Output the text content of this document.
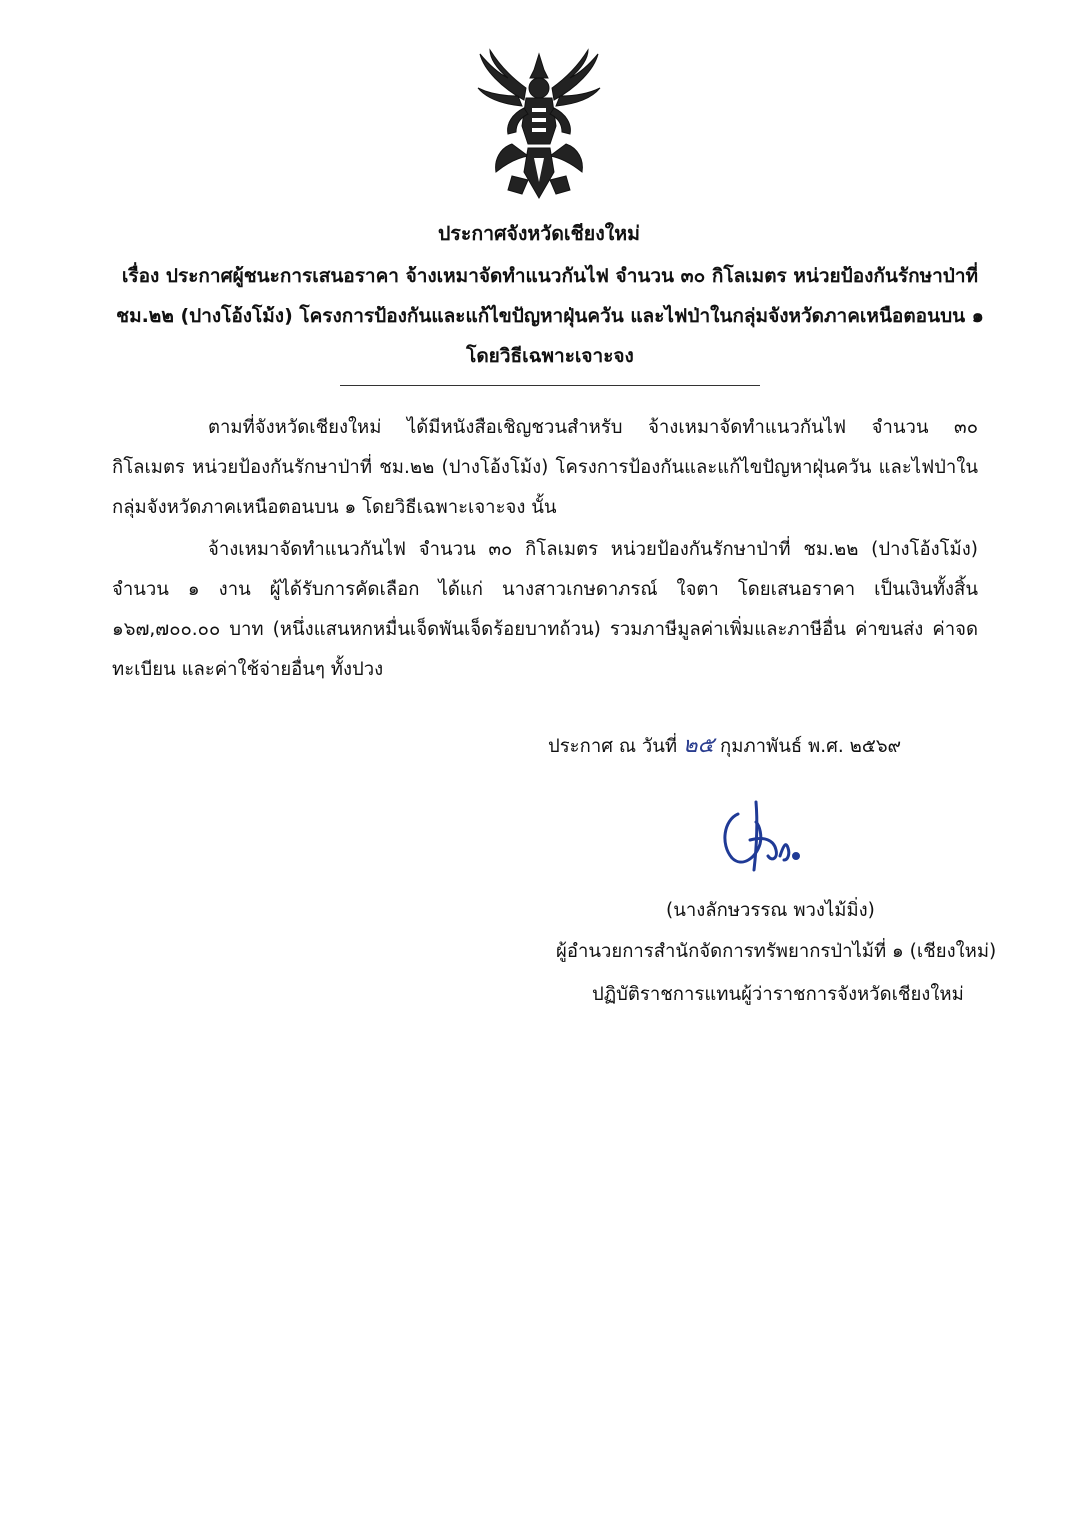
ประกาศจังหวัดเชียงใหม่
เรื่อง ประกาศผู้ชนะการเสนอราคา จ้างเหมาจัดทำแนวกันไฟ จำนวน ๓๐ กิโลเมตร หน่วยป้องกันรักษาป่าที่ ชม.๒๒ (ปางโอ้งโม้ง) โครงการป้องกันและแก้ไขปัญหาฝุ่นควัน และไฟป่าในกลุ่มจังหวัดภาคเหนือตอนบน ๑ โดยวิธีเฉพาะเจาะจง
ตามที่จังหวัดเชียงใหม่ ได้มีหนังสือเชิญชวนสำหรับ จ้างเหมาจัดทำแนวกันไฟ จำนวน ๓๐ กิโลเมตร หน่วยป้องกันรักษาป่าที่ ชม.๒๒ (ปางโอ้งโม้ง) โครงการป้องกันและแก้ไขปัญหาฝุ่นควัน และไฟป่าในกลุ่มจังหวัดภาคเหนือตอนบน ๑ โดยวิธีเฉพาะเจาะจง นั้น
จ้างเหมาจัดทำแนวกันไฟ จำนวน ๓๐ กิโลเมตร หน่วยป้องกันรักษาป่าที่ ชม.๒๒ (ปางโอ้งโม้ง) จำนวน ๑ งาน ผู้ได้รับการคัดเลือก ได้แก่ นางสาวเกษดาภรณ์ ใจตา โดยเสนอราคา เป็นเงินทั้งสิ้น ๑๖๗,๗๐๐.๐๐ บาท (หนึ่งแสนหกหมื่นเจ็ดพันเจ็ดร้อยบาทถ้วน) รวมภาษีมูลค่าเพิ่มและภาษีอื่น ค่าขนส่ง ค่าจดทะเบียน และค่าใช้จ่ายอื่นๆ ทั้งปวง
ประกาศ ณ วันที่ ๒๕ กุมภาพันธ์ พ.ศ. ๒๕๖๙
(นางลักษวรรณ พวงไม้มิ่ง)
ผู้อำนวยการสำนักจัดการทรัพยากรป่าไม้ที่ ๑ (เชียงใหม่)
ปฏิบัติราชการแทนผู้ว่าราชการจังหวัดเชียงใหม่
